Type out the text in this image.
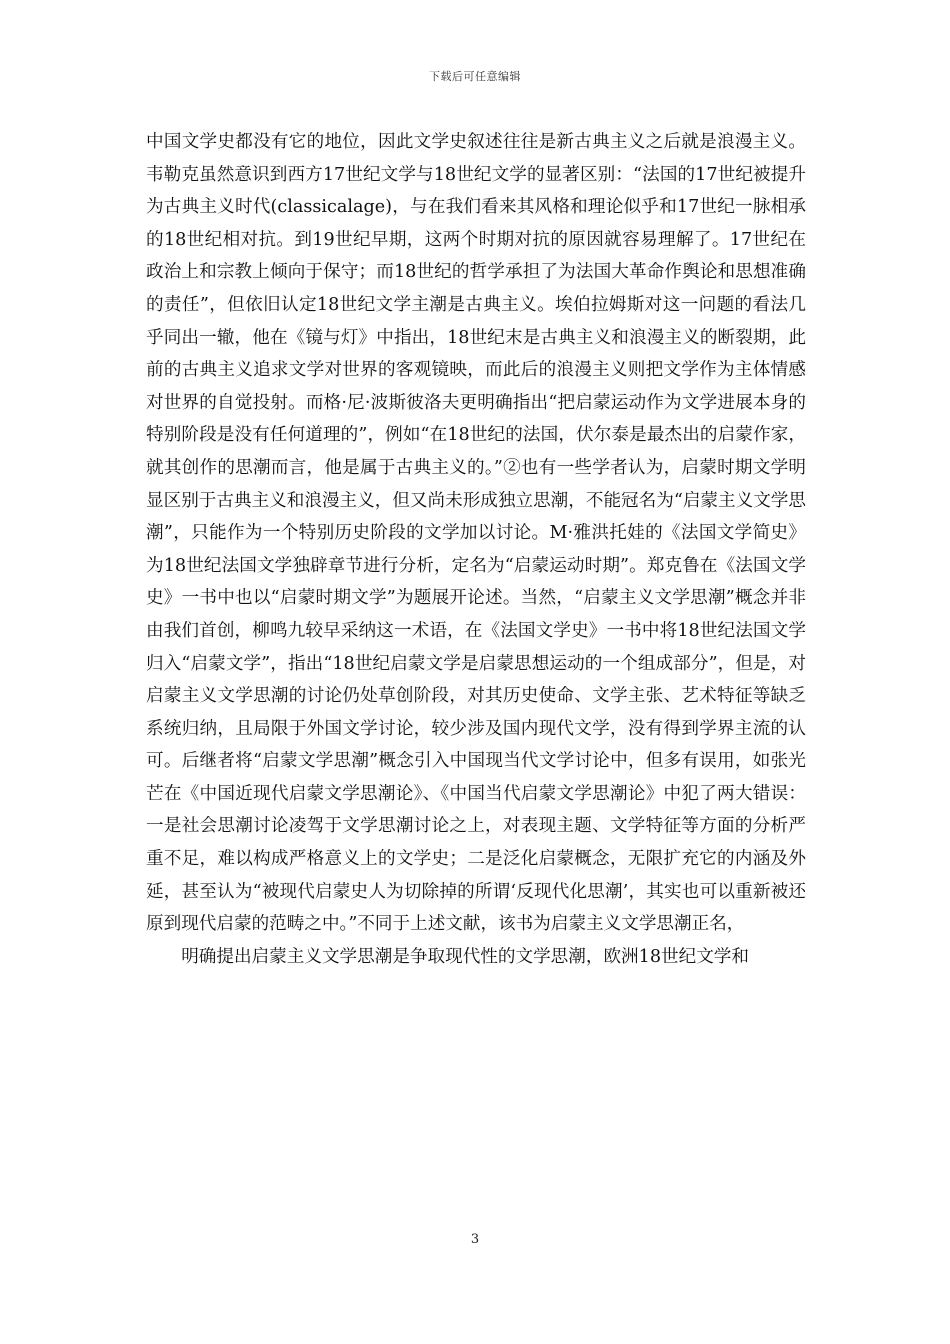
下载后可任意编辑

中国文学史都没有它的地位，因此文学史叙述往往是新古典主义之后就是浪漫主义。韦勒克虽然意识到西方17世纪文学与18世纪文学的显著区别：“法国的17世纪被提升为古典主义时代(classicalage)，与在我们看来其风格和理论似乎和17世纪一脉相承的18世纪相对抗。到19世纪早期，这两个时期对抗的原因就容易理解了。17世纪在政治上和宗教上倾向于保守；而18世纪的哲学承担了为法国大革命作舆论和思想准确的责任”，但依旧认定18世纪文学主潮是古典主义。埃伯拉姆斯对这一问题的看法几乎同出一辙，他在《镜与灯》中指出，18世纪末是古典主义和浪漫主义的断裂期，此前的古典主义追求文学对世界的客观镜映，而此后的浪漫主义则把文学作为主体情感对世界的自觉投射。而格·尼·波斯彼洛夫更明确指出“把启蒙运动作为文学进展本身的特别阶段是没有任何道理的”，例如“在18世纪的法国，伏尔泰是最杰出的启蒙作家，就其创作的思潮而言，他是属于古典主义的。”②也有一些学者认为，启蒙时期文学明显区别于古典主义和浪漫主义，但又尚未形成独立思潮，不能冠名为“启蒙主义文学思潮”，只能作为一个特别历史阶段的文学加以讨论。M·雅洪托娃的《法国文学简史》为18世纪法国文学独辟章节进行分析，定名为“启蒙运动时期”。郑克鲁在《法国文学史》一书中也以“启蒙时期文学”为题展开论述。当然，“启蒙主义文学思潮”概念并非由我们首创，柳鸣九较早采纳这一术语，在《法国文学史》一书中将18世纪法国文学归入“启蒙文学”，指出“18世纪启蒙文学是启蒙思想运动的一个组成部分”，但是，对启蒙主义文学思潮的讨论仍处草创阶段，对其历史使命、文学主张、艺术特征等缺乏系统归纳，且局限于外国文学讨论，较少涉及国内现代文学，没有得到学界主流的认可。后继者将“启蒙文学思潮”概念引入中国现当代文学讨论中，但多有误用，如张光芒在《中国近现代启蒙文学思潮论》、《中国当代启蒙文学思潮论》中犯了两大错误：一是社会思潮讨论凌驾于文学思潮讨论之上，对表现主题、文学特征等方面的分析严重不足，难以构成严格意义上的文学史；二是泛化启蒙概念，无限扩充它的内涵及外延，甚至认为“被现代启蒙史人为切除掉的所谓‘反现代化思潮’，其实也可以重新被还原到现代启蒙的范畴之中。”不同于上述文献，该书为启蒙主义文学思潮正名，

明确提出启蒙主义文学思潮是争取现代性的文学思潮，欧洲18世纪文学和

3
